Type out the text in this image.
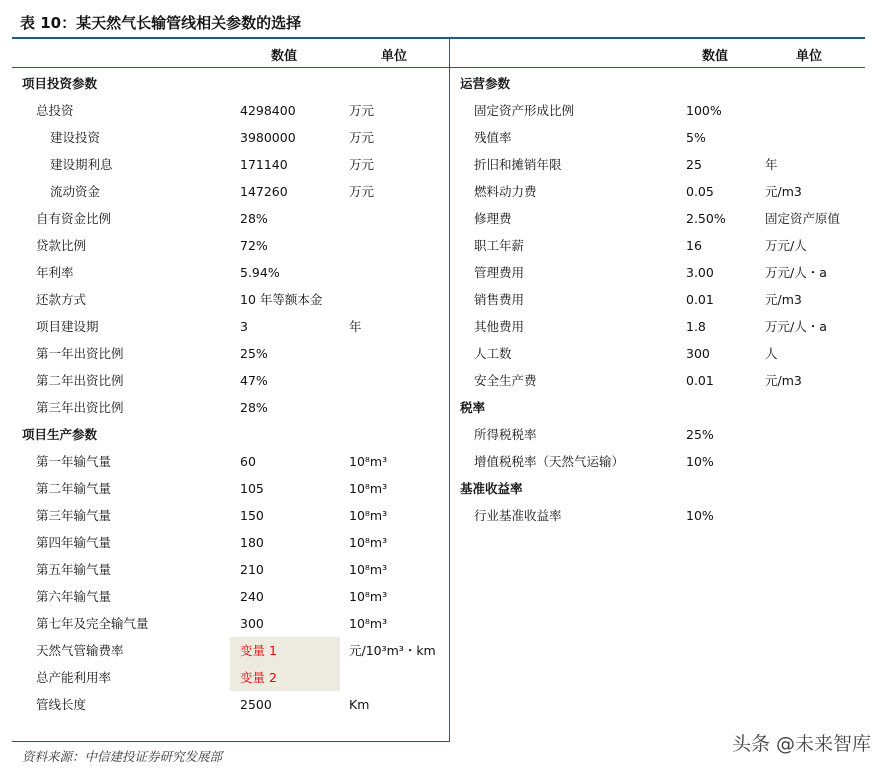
表 10：某天然气长输管线相关参数的选择
数值	单位	数值	单位
项目投资参数
总投资	4298400	万元
建设投资	3980000	万元
建设期利息	171140	万元
流动资金	147260	万元
自有资金比例	28%
贷款比例	72%
年利率	5.94%
还款方式	10 年等额本金
项目建设期	3	年
第一年出资比例	25%
第二年出资比例	47%
第三年出资比例	28%
项目生产参数
第一年输气量	60	10⁸m³
第二年输气量	105	10⁸m³
第三年输气量	150	10⁸m³
第四年输气量	180	10⁸m³
第五年输气量	210	10⁸m³
第六年输气量	240	10⁸m³
第七年及完全输气量	300	10⁸m³
天然气管输费率	变量 1	元/10³m³・km
总产能利用率	变量 2
管线长度	2500	Km
运营参数
固定资产形成比例	100%
残值率	5%
折旧和摊销年限	25	年
燃料动力费	0.05	元/m3
修理费	2.50%	固定资产原值
职工年薪	16	万元/人
管理费用	3.00	万元/人・a
销售费用	0.01	元/m3
其他费用	1.8	万元/人・a
人工数	300	人
安全生产费	0.01	元/m3
税率
所得税税率	25%
增值税税率（天然气运输）	10%
基准收益率
行业基准收益率	10%
资料来源：中信建投证券研究发展部
头条 @未来智库
